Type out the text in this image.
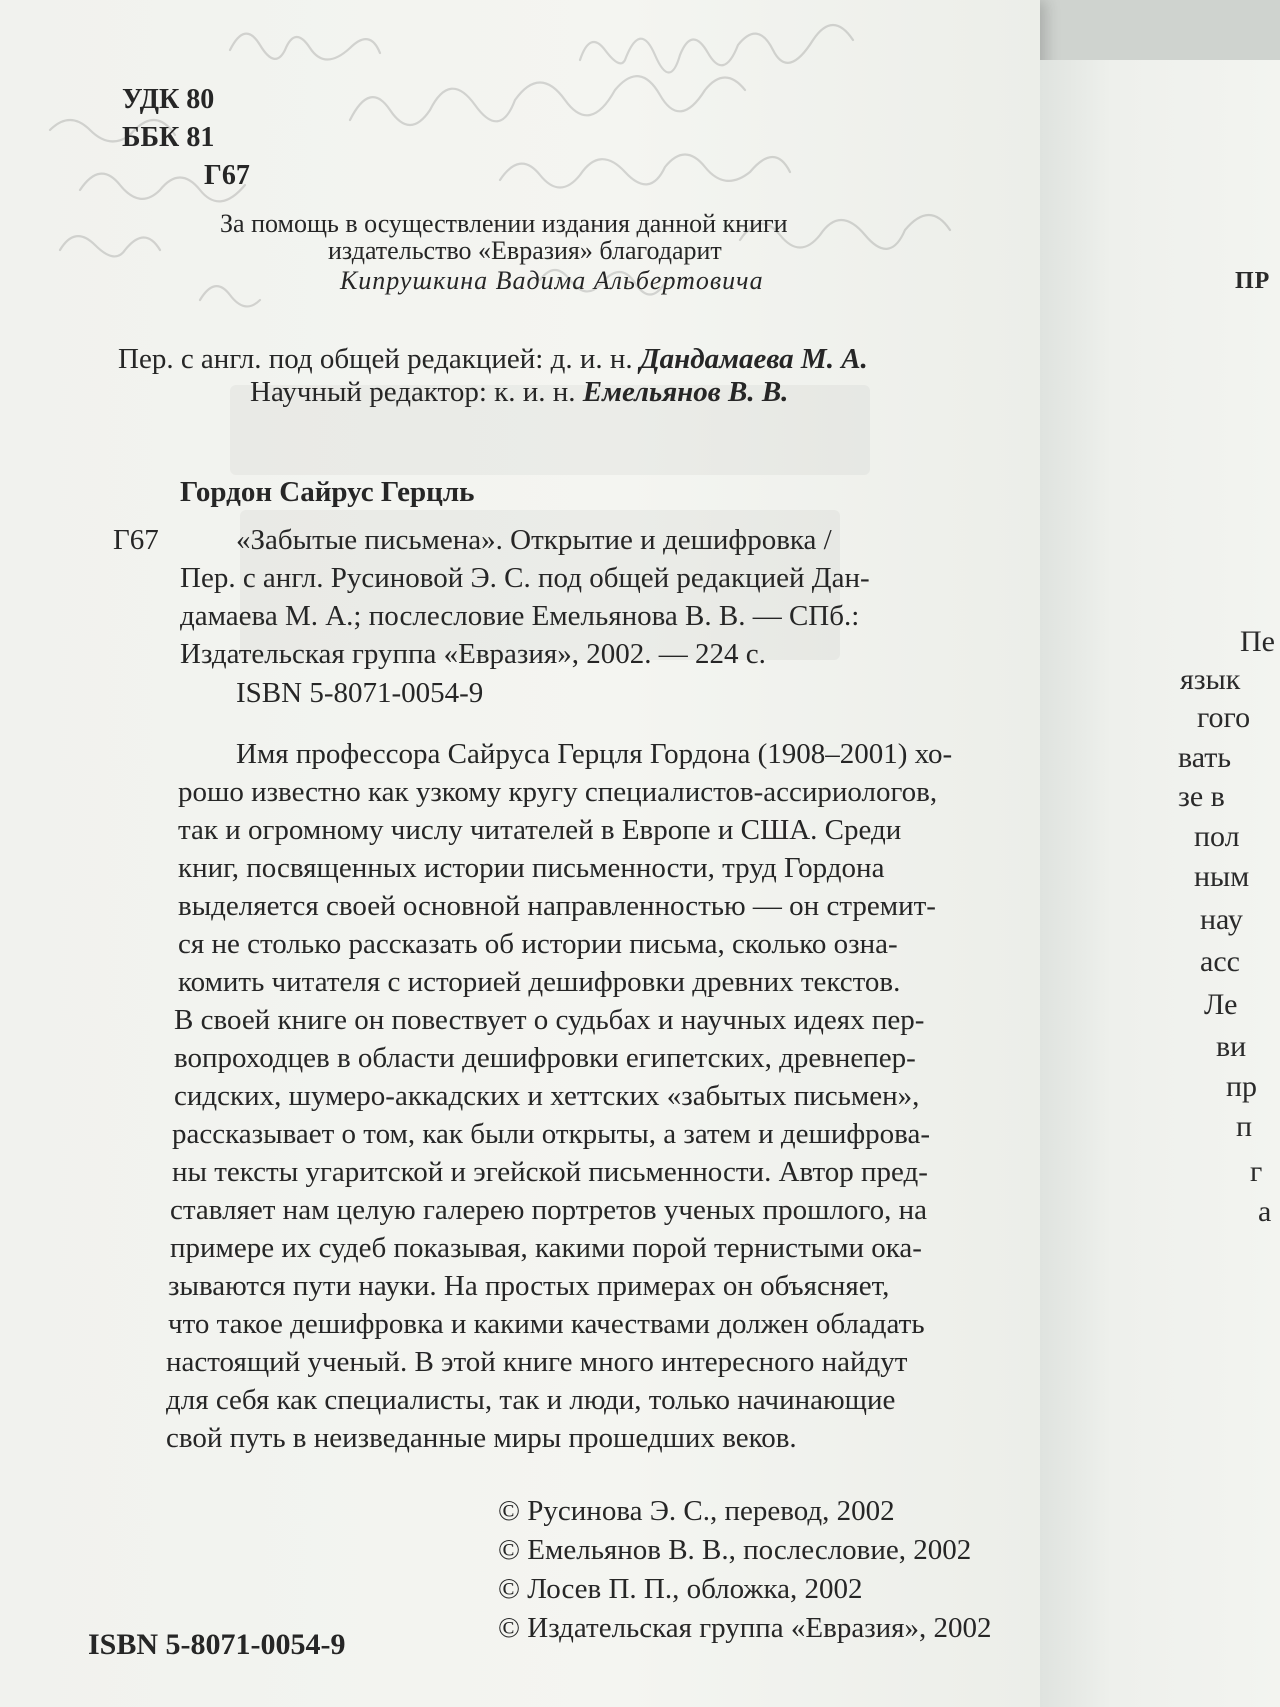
УДК 80
ББК 81
Г67
За помощь в осуществлении издания данной книги
издательство «Евразия» благодарит
Кипрушкина Вадима Альбертовича
Пер. с англ. под общей редакцией: д. и. н. Дандамаева М. А.
Научный редактор: к. и. н. Емельянов В. В.
Гордон Сайрус Герцль
Г67	«Забытые письмена». Открытие и дешифровка /
Пер. с англ. Русиновой Э. С. под общей редакцией Дан-
дамаева М. А.; послесловие Емельянова В. В. — СПб.:
Издательская группа «Евразия», 2002. — 224 с.
ISBN 5-8071-0054-9
Имя профессора Сайруса Герцля Гордона (1908–2001) хо-
рошо известно как узкому кругу специалистов-ассириологов,
так и огромному числу читателей в Европе и США. Среди
книг, посвященных истории письменности, труд Гордона
выделяется своей основной направленностью — он стремит-
ся не столько рассказать об истории письма, сколько озна-
комить читателя с историей дешифровки древних текстов.
В своей книге он повествует о судьбах и научных идеях пер-
вопроходцев в области дешифровки египетских, древнепер-
сидских, шумеро-аккадских и хеттских «забытых письмен»,
рассказывает о том, как были открыты, а затем и дешифрова-
ны тексты угаритской и эгейской письменности. Автор пред-
ставляет нам целую галерею портретов ученых прошлого, на
примере их судеб показывая, какими порой тернистыми ока-
зываются пути науки. На простых примерах он объясняет,
что такое дешифровка и какими качествами должен обладать
настоящий ученый. В этой книге много интересного найдут
для себя как специалисты, так и люди, только начинающие
свой путь в неизведанные миры прошедших веков.
© Русинова Э. С., перевод, 2002
© Емельянов В. В., послесловие, 2002
© Лосев П. П., обложка, 2002
© Издательская группа «Евразия», 2002
ISBN 5-8071-0054-9
ПР
Пе
язык
гого
вать
зе в
пол
ным
нау
асс
Ле
ви
пр
п
г
а
